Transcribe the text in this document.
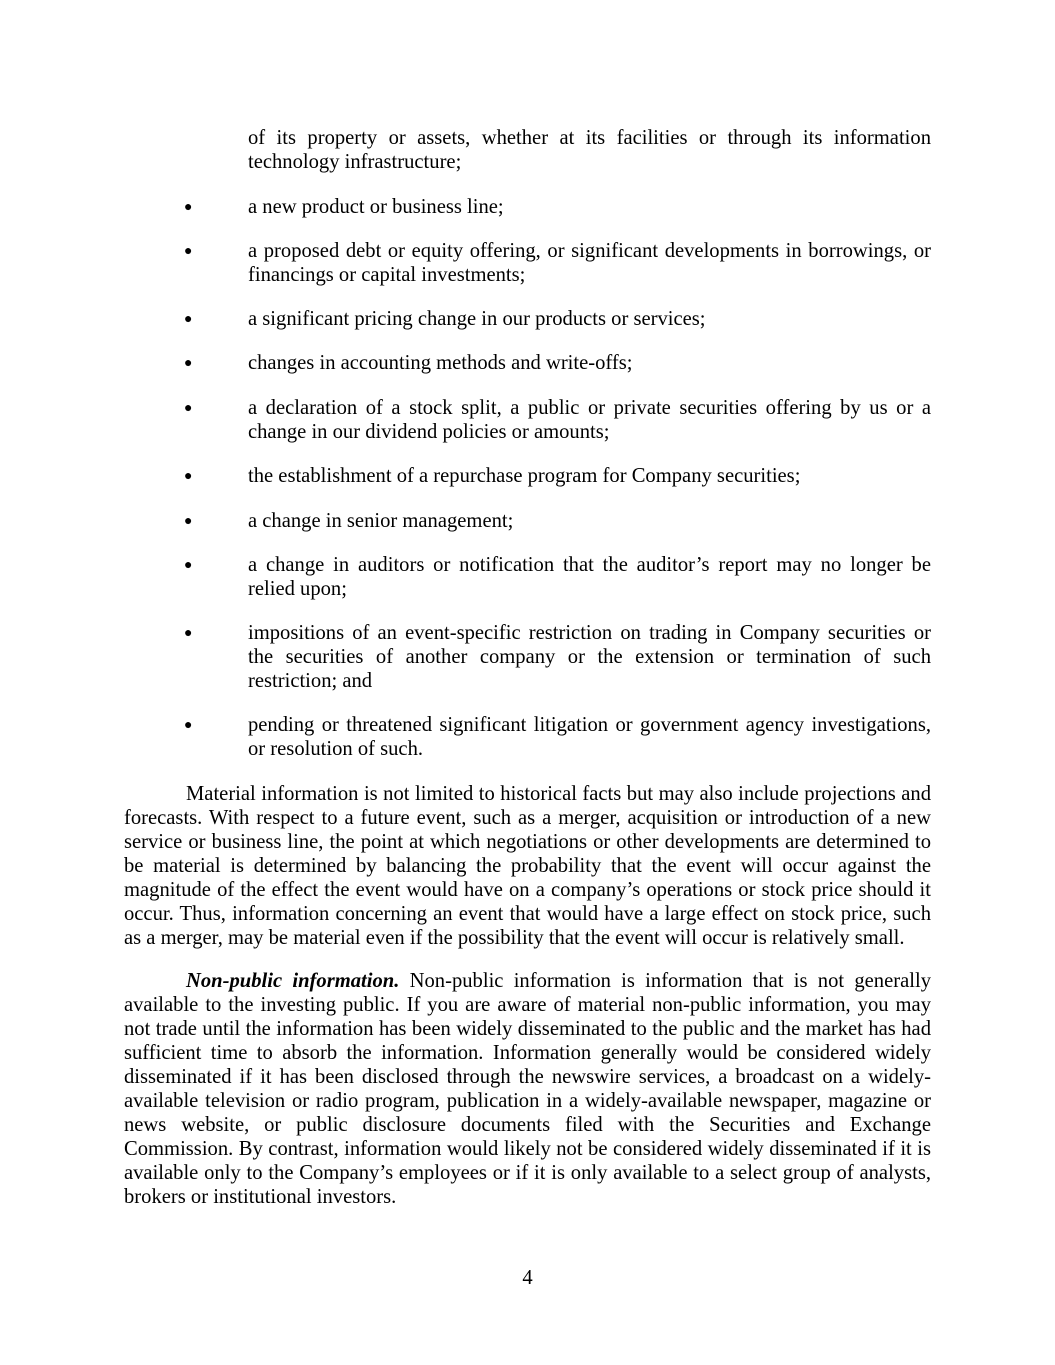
of its property or assets, whether at its facilities or through its information technology infrastructure;

●	a new product or business line;

●	a proposed debt or equity offering, or significant developments in borrowings, or financings or capital investments;

●	a significant pricing change in our products or services;

●	changes in accounting methods and write-offs;

●	a declaration of a stock split, a public or private securities offering by us or a change in our dividend policies or amounts;

●	the establishment of a repurchase program for Company securities;

●	a change in senior management;

●	a change in auditors or notification that the auditor’s report may no longer be relied upon;

●	impositions of an event-specific restriction on trading in Company securities or the securities of another company or the extension or termination of such restriction; and

●	pending or threatened significant litigation or government agency investigations, or resolution of such.

Material information is not limited to historical facts but may also include projections and forecasts. With respect to a future event, such as a merger, acquisition or introduction of a new service or business line, the point at which negotiations or other developments are determined to be material is determined by balancing the probability that the event will occur against the magnitude of the effect the event would have on a company’s operations or stock price should it occur. Thus, information concerning an event that would have a large effect on stock price, such as a merger, may be material even if the possibility that the event will occur is relatively small.

Non-public information. Non-public information is information that is not generally available to the investing public. If you are aware of material non-public information, you may not trade until the information has been widely disseminated to the public and the market has had sufficient time to absorb the information. Information generally would be considered widely disseminated if it has been disclosed through the newswire services, a broadcast on a widely-available television or radio program, publication in a widely-available newspaper, magazine or news website, or public disclosure documents filed with the Securities and Exchange Commission. By contrast, information would likely not be considered widely disseminated if it is available only to the Company’s employees or if it is only available to a select group of analysts, brokers or institutional investors.

4
